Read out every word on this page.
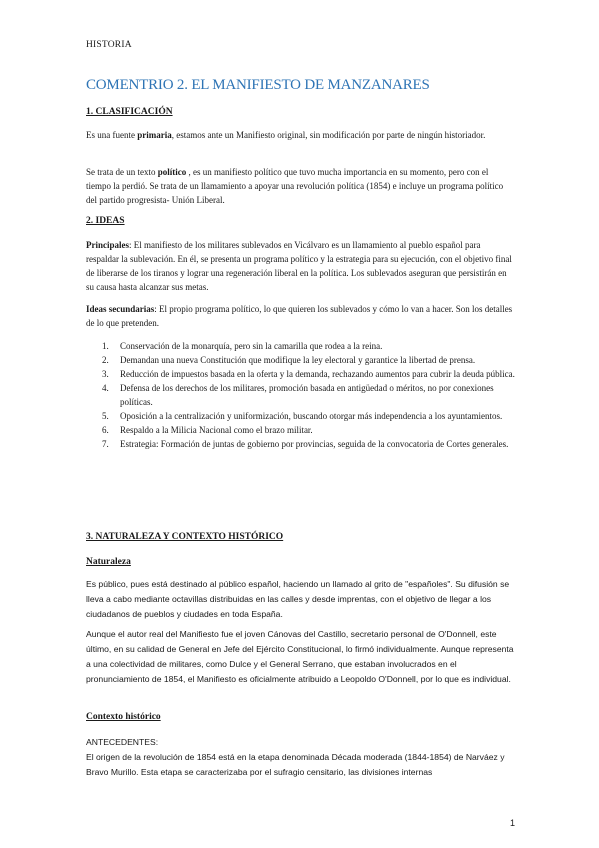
HISTORIA
COMENTRIO 2. EL MANIFIESTO DE MANZANARES
1. CLASIFICACIÓN
Es una fuente primaria, estamos ante un Manifiesto original, sin modificación por parte de ningún historiador.
Se trata de un texto político , es un manifiesto político que tuvo mucha importancia en su momento, pero con el tiempo la perdió. Se trata de un llamamiento a apoyar una revolución política (1854) e incluye un programa político del partido progresista- Unión Liberal.
2. IDEAS
Principales: El manifiesto de los militares sublevados en Vicálvaro es un llamamiento al pueblo español para respaldar la sublevación. En él, se presenta un programa político y la estrategia para su ejecución, con el objetivo final de liberarse de los tiranos y lograr una regeneración liberal en la política. Los sublevados aseguran que persistirán en su causa hasta alcanzar sus metas.
Ideas secundarias: El propio programa político, lo que quieren los sublevados y cómo lo van a hacer. Son los detalles de lo que pretenden.
1. Conservación de la monarquía, pero sin la camarilla que rodea a la reina.
2. Demandan una nueva Constitución que modifique la ley electoral y garantice la libertad de prensa.
3. Reducción de impuestos basada en la oferta y la demanda, rechazando aumentos para cubrir la deuda pública.
4. Defensa de los derechos de los militares, promoción basada en antigüedad o méritos, no por conexiones políticas.
5. Oposición a la centralización y uniformización, buscando otorgar más independencia a los ayuntamientos.
6. Respaldo a la Milicia Nacional como el brazo militar.
7. Estrategia: Formación de juntas de gobierno por provincias, seguida de la convocatoria de Cortes generales.
3. NATURALEZA Y CONTEXTO HISTÓRICO
Naturaleza
Es público, pues está destinado al público español, haciendo un llamado al grito de "españoles". Su difusión se lleva a cabo mediante octavillas distribuidas en las calles y desde imprentas, con el objetivo de llegar a los ciudadanos de pueblos y ciudades en toda España.
Aunque el autor real del Manifiesto fue el joven Cánovas del Castillo, secretario personal de O'Donnell, este último, en su calidad de General en Jefe del Ejército Constitucional, lo firmó individualmente. Aunque representa a una colectividad de militares, como Dulce y el General Serrano, que estaban involucrados en el pronunciamiento de 1854, el Manifiesto es oficialmente atribuido a Leopoldo O'Donnell, por lo que es individual.
Contexto histórico
ANTECEDENTES:
El origen de la revolución de 1854 está en la etapa denominada Década moderada (1844-1854) de Narváez y Bravo Murillo. Esta etapa se caracterizaba por el sufragio censitario, las divisiones internas
1
